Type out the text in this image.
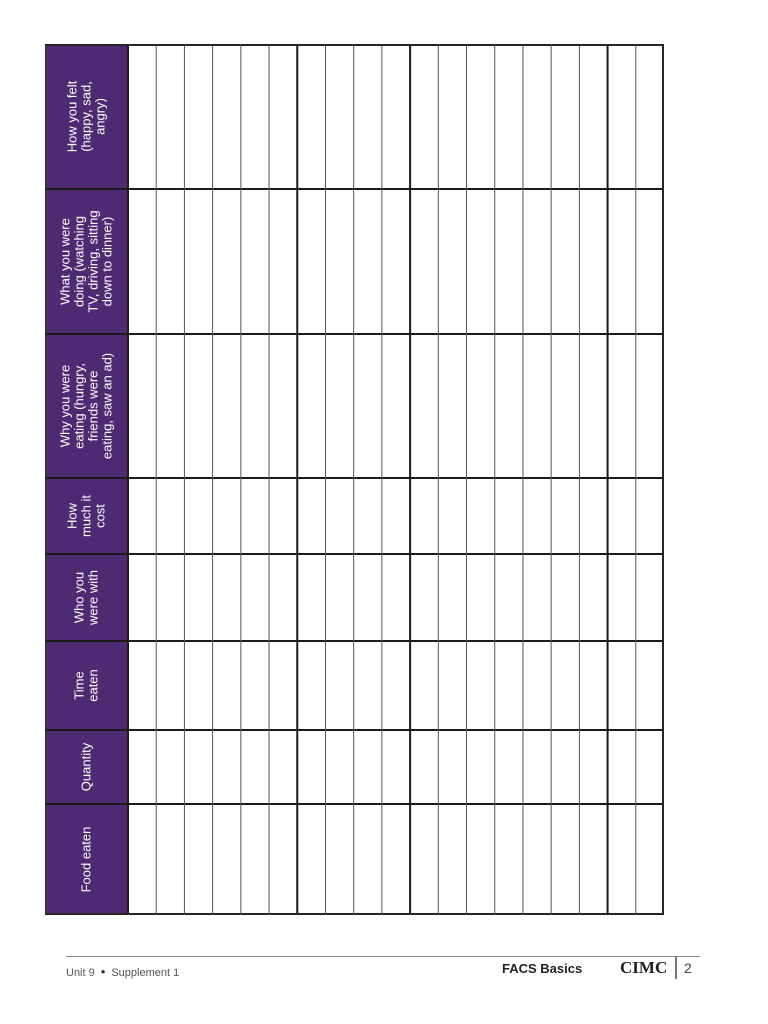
Food eaten
Quantity
Timeeaten
Who youwere with
Howmuch itcost
Why you wereeating (hungry,friends wereeating, saw an ad)
What you weredoing (watchingTV, driving, sittingdown to dinner)
How you felt(happy, sad,angry)
Unit 9 • Supplement 1	FACS Basics CIMC 2
